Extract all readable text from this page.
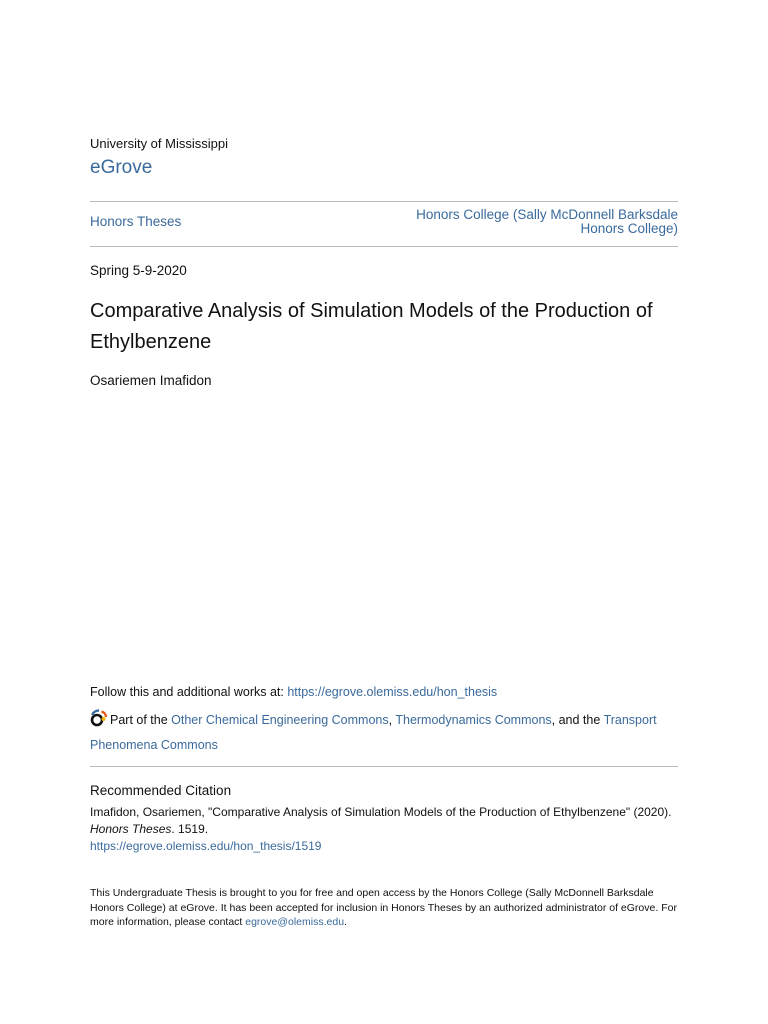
University of Mississippi
eGrove
Honors Theses	Honors College (Sally McDonnell Barksdale Honors College)
Spring 5-9-2020
Comparative Analysis of Simulation Models of the Production of Ethylbenzene
Osariemen Imafidon
Follow this and additional works at: https://egrove.olemiss.edu/hon_thesis
Part of the Other Chemical Engineering Commons, Thermodynamics Commons, and the Transport Phenomena Commons
Recommended Citation
Imafidon, Osariemen, "Comparative Analysis of Simulation Models of the Production of Ethylbenzene" (2020). Honors Theses. 1519.
https://egrove.olemiss.edu/hon_thesis/1519
This Undergraduate Thesis is brought to you for free and open access by the Honors College (Sally McDonnell Barksdale Honors College) at eGrove. It has been accepted for inclusion in Honors Theses by an authorized administrator of eGrove. For more information, please contact egrove@olemiss.edu.
